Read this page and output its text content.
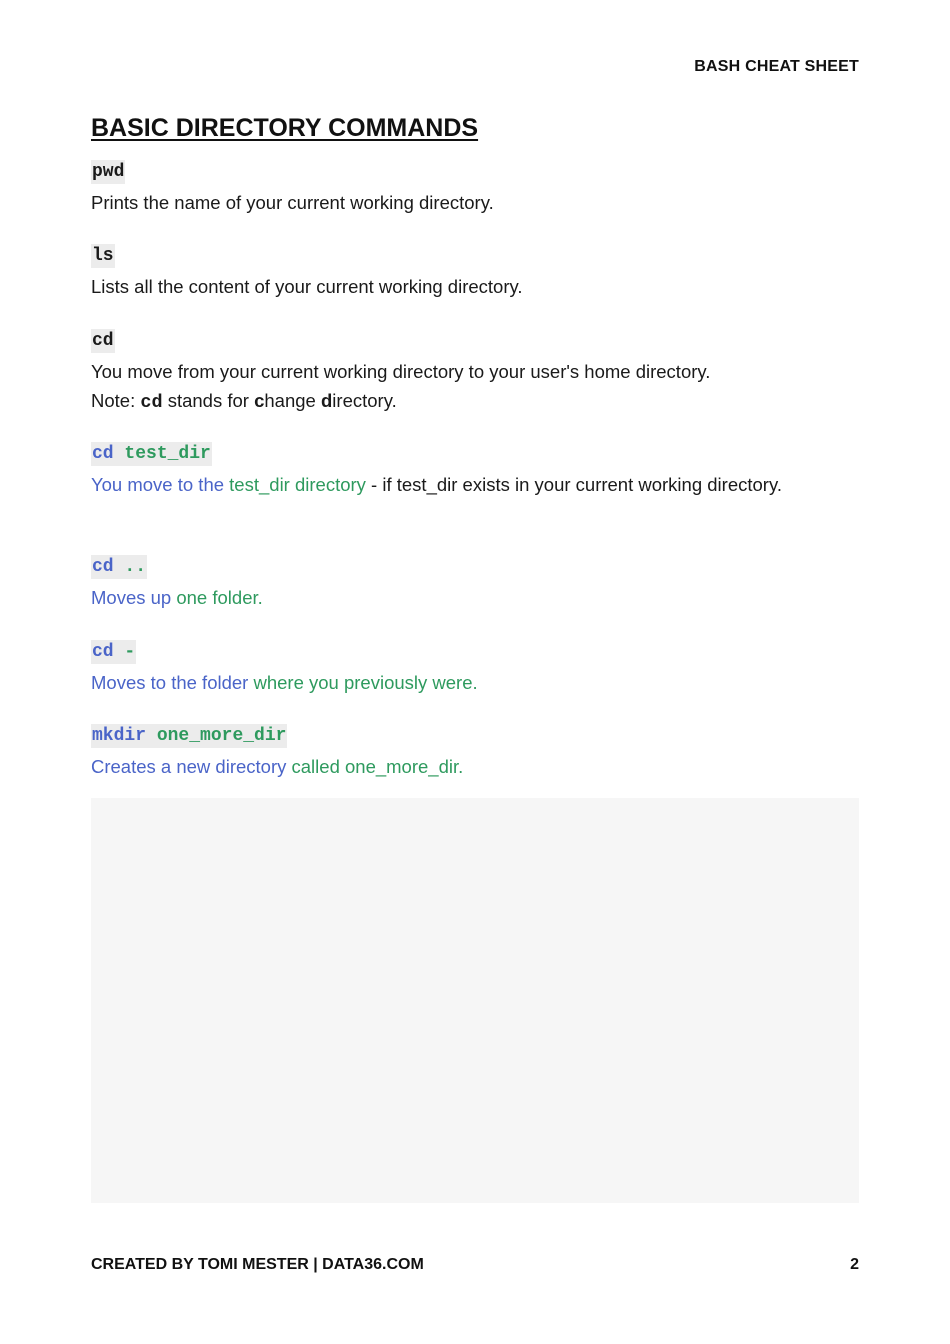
BASH CHEAT SHEET
BASIC DIRECTORY COMMANDS
pwd

Prints the name of your current working directory.

ls

Lists all the content of your current working directory.

cd

You move from your current working directory to your user's home directory.
Note: cd stands for change directory.

cd test_dir

You move to the test_dir directory - if test_dir exists in your current working directory.

cd ..

Moves up one folder.

cd -

Moves to the folder where you previously were.

mkdir one_more_dir

Creates a new directory called one_more_dir.

CREATED BY TOMI MESTER | DATA36.COM	2
